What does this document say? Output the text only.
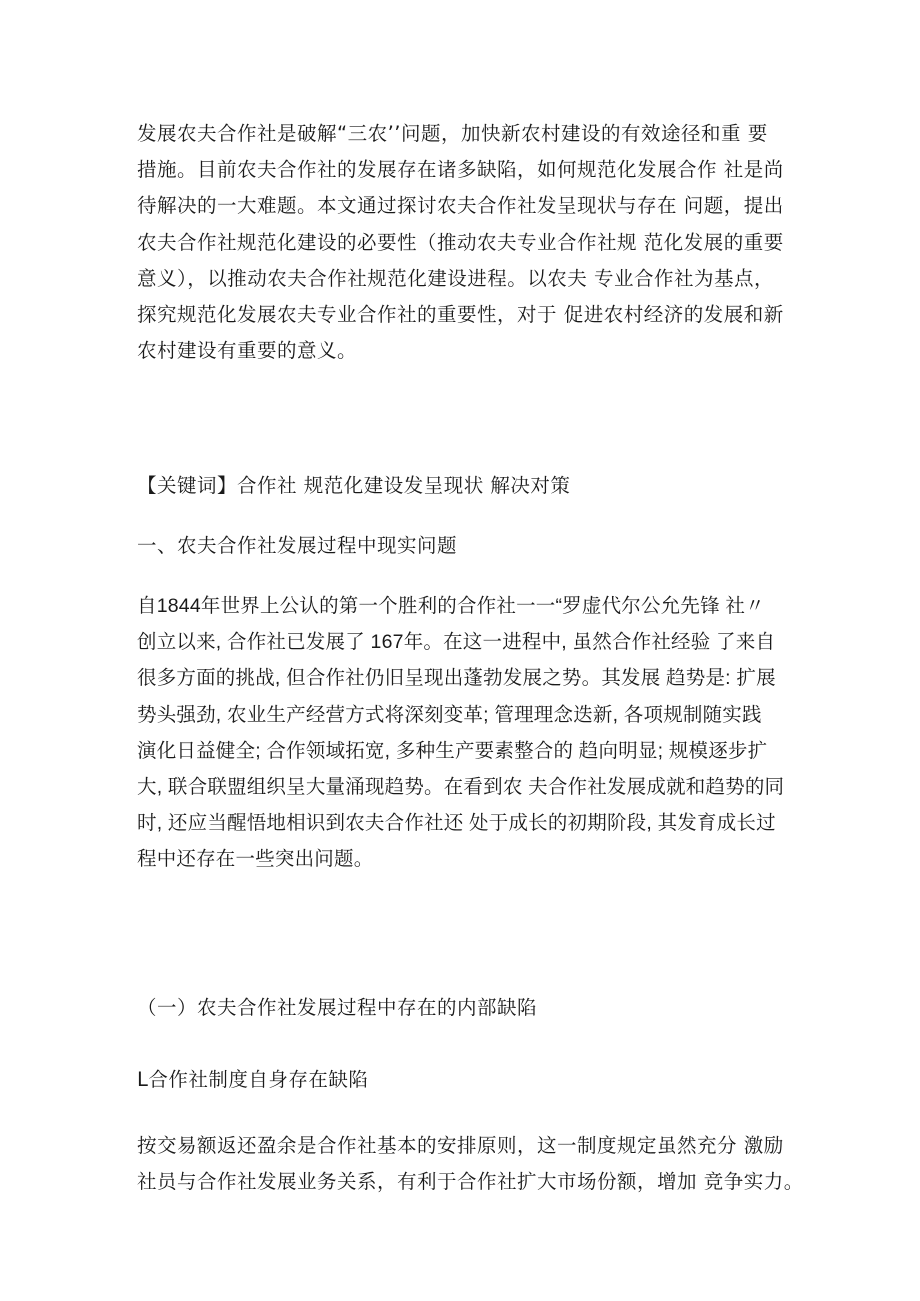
发展农夫合作社是破解“三农’’问题，加快新农村建设的有效途径和重 要
措施。目前农夫合作社的发展存在诸多缺陷，如何规范化发展合作 社是尚
待解决的一大难题。本文通过探讨农夫合作社发呈现状与存在 问题，提出
农夫合作社规范化建设的必要性（推动农夫专业合作社规 范化发展的重要
意义），以推动农夫合作社规范化建设进程。以农夫 专业合作社为基点，
探究规范化发展农夫专业合作社的重要性，对于 促进农村经济的发展和新
农村建设有重要的意义。
【关键词】合作社 规范化建设发呈现状 解决对策
一、农夫合作社发展过程中现实问题
自1844年世界上公认的第一个胜利的合作社一一“罗虚代尔公允先锋 社〃
创立以来, 合作社已发展了 167年。在这一进程中, 虽然合作社经验 了来自
很多方面的挑战, 但合作社仍旧呈现出蓬勃发展之势。其发展 趋势是: 扩展
势头强劲, 农业生产经营方式将深刻变革; 管理理念迭新, 各项规制随实践
演化日益健全; 合作领域拓宽, 多种生产要素整合的 趋向明显; 规模逐步扩
大, 联合联盟组织呈大量涌现趋势。在看到农 夫合作社发展成就和趋势的同
时, 还应当醒悟地相识到农夫合作社还 处于成长的初期阶段, 其发育成长过
程中还存在一些突出问题。
（一）农夫合作社发展过程中存在的内部缺陷
L合作社制度自身存在缺陷
按交易额返还盈余是合作社基本的安排原则，这一制度规定虽然充分 激励
社员与合作社发展业务关系，有利于合作社扩大市场份额，增加 竞争实力。
